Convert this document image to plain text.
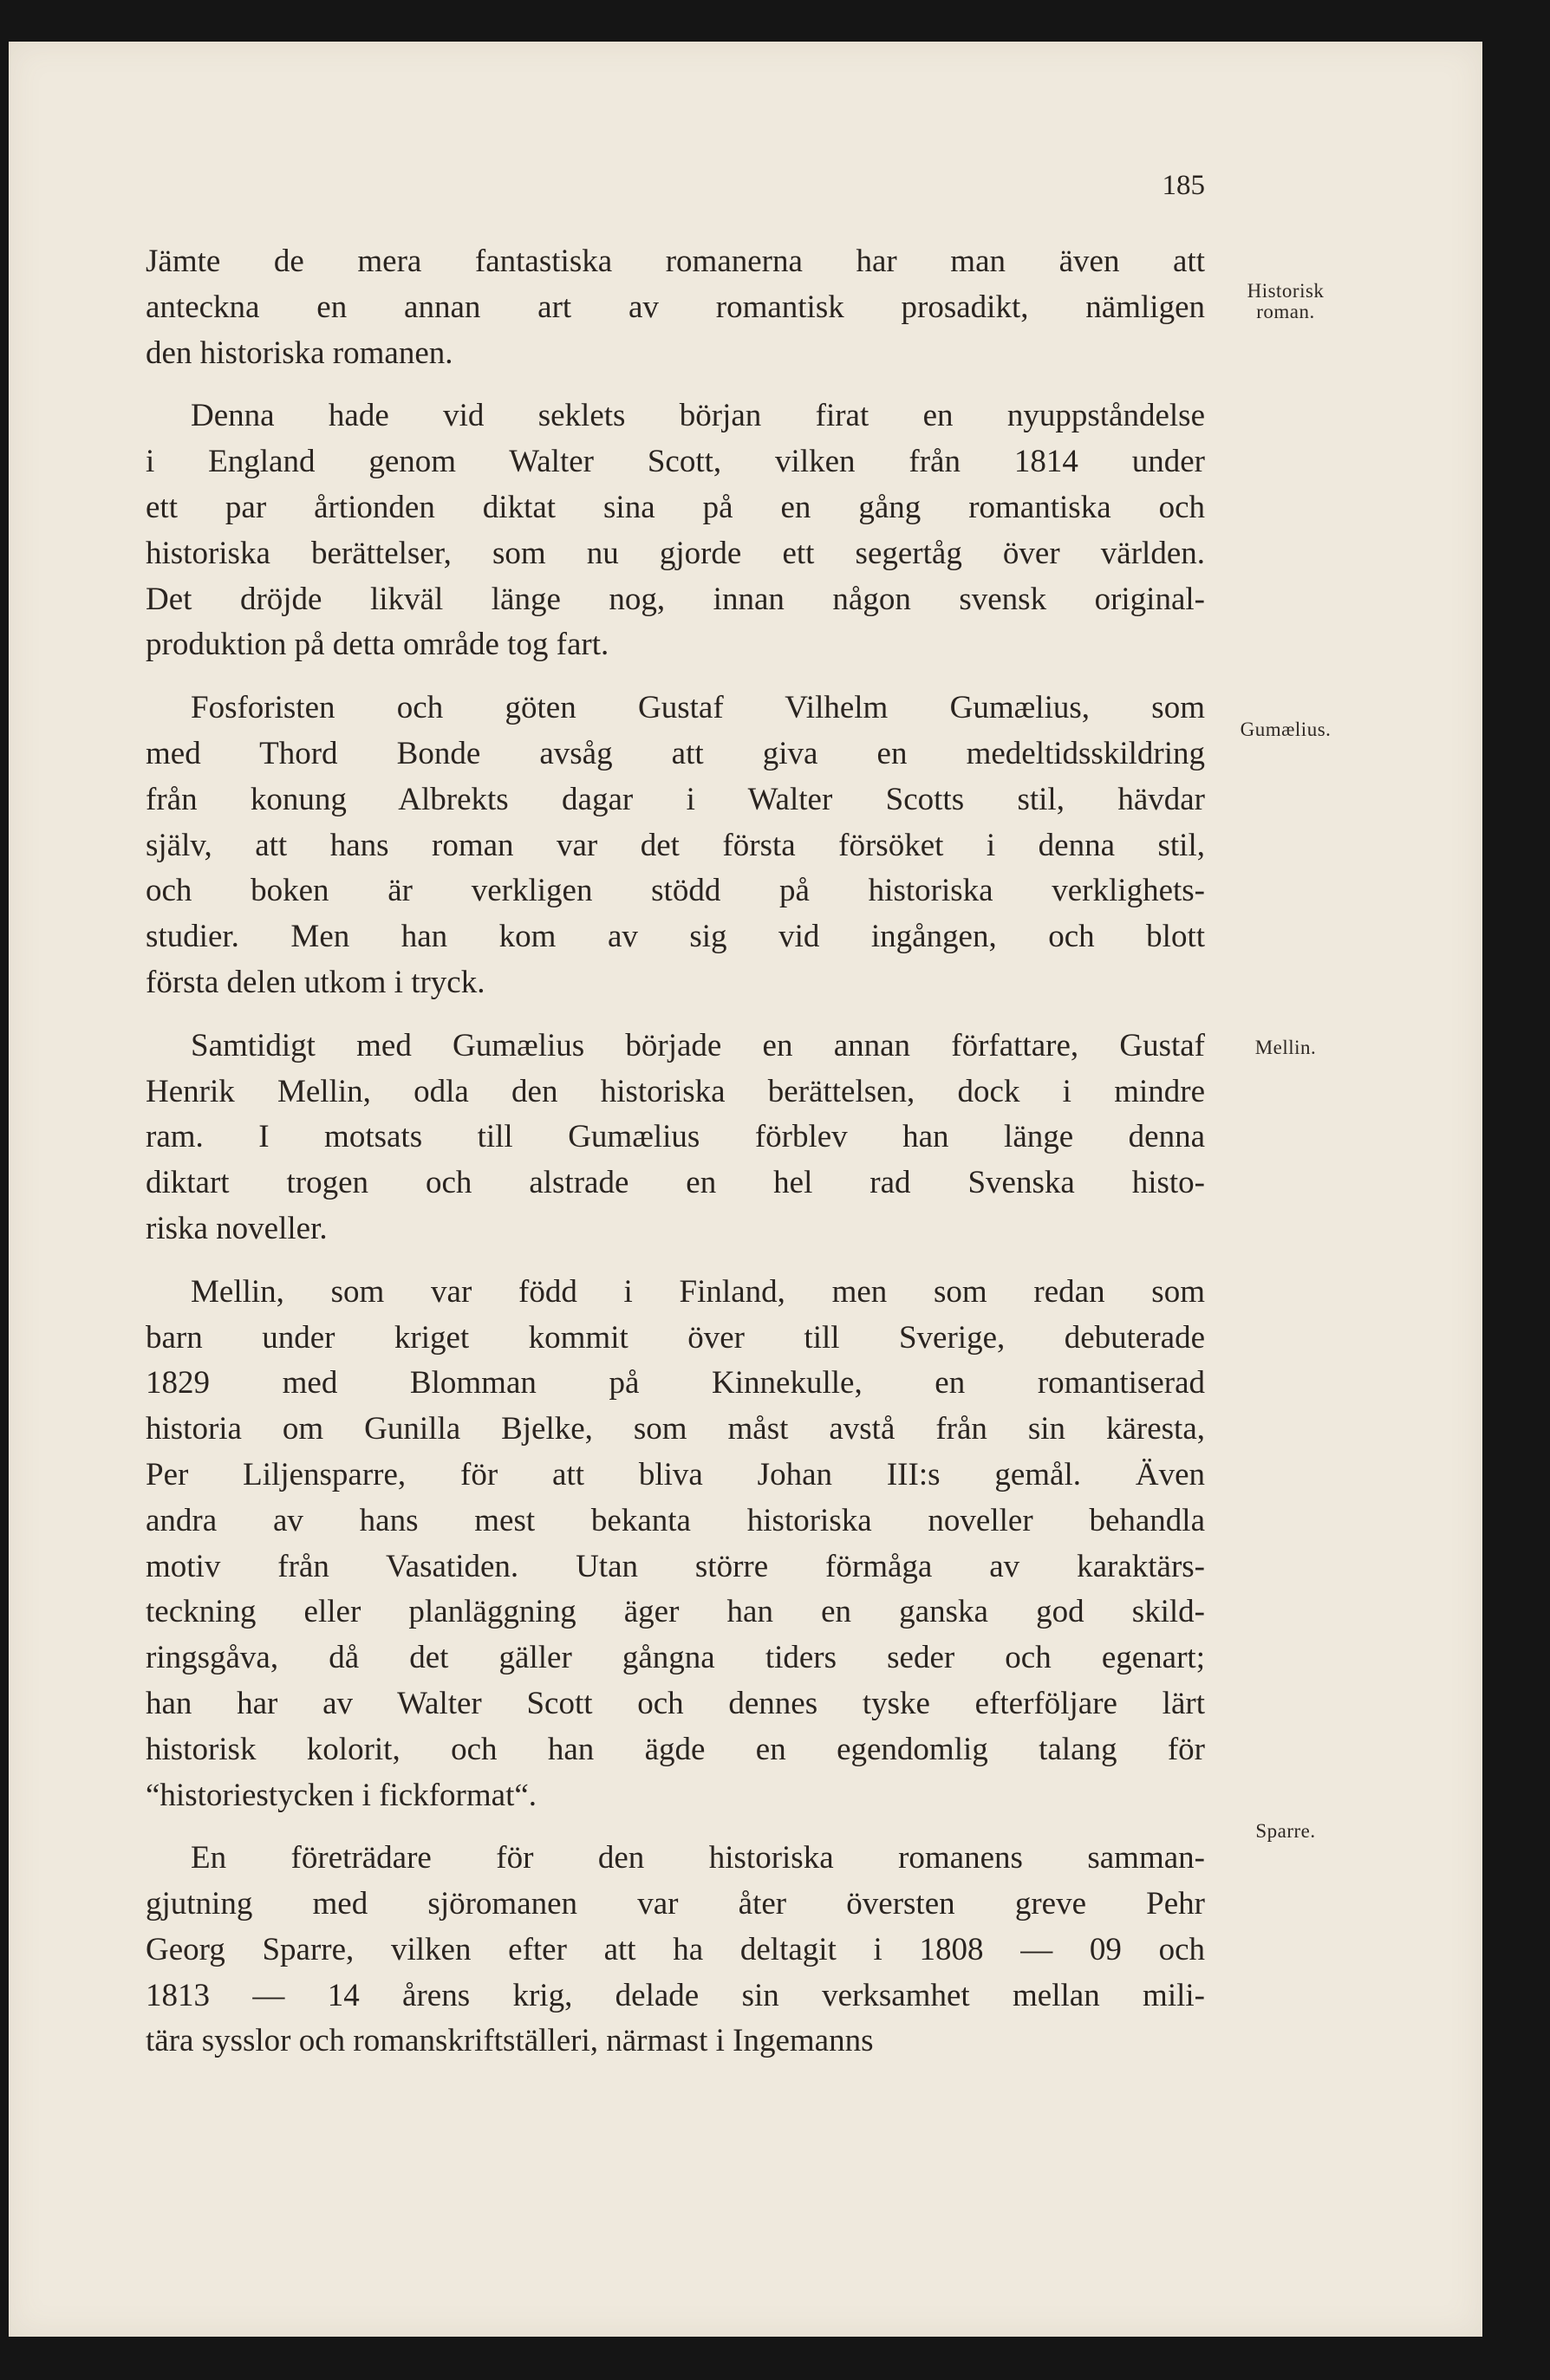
185
Historisk
roman.
Gumælius.
Mellin.
Sparre.
Jämte de mera fantastiska romanerna har man även att
anteckna en annan art av romantisk prosadikt, nämligen
den historiska romanen.
Denna hade vid seklets början firat en nyuppståndelse
i England genom Walter Scott, vilken från 1814 under
ett par årtionden diktat sina på en gång romantiska och
historiska berättelser, som nu gjorde ett segertåg över världen.
Det dröjde likväl länge nog, innan någon svensk original-
produktion på detta område tog fart.
Fosforisten och göten Gustaf Vilhelm Gumælius, som
med Thord Bonde avsåg att giva en medeltidsskildring
från konung Albrekts dagar i Walter Scotts stil, hävdar
själv, att hans roman var det första försöket i denna stil,
och boken är verkligen stödd på historiska verklighets-
studier. Men han kom av sig vid ingången, och blott
första delen utkom i tryck.
Samtidigt med Gumælius började en annan författare, Gustaf
Henrik Mellin, odla den historiska berättelsen, dock i mindre
ram. I motsats till Gumælius förblev han länge denna
diktart trogen och alstrade en hel rad Svenska histo-
riska noveller.
Mellin, som var född i Finland, men som redan som
barn under kriget kommit över till Sverige, debuterade
1829 med Blomman på Kinnekulle, en romantiserad
historia om Gunilla Bjelke, som måst avstå från sin käresta,
Per Liljensparre, för att bliva Johan III:s gemål. Även
andra av hans mest bekanta historiska noveller behandla
motiv från Vasatiden. Utan större förmåga av karaktärs-
teckning eller planläggning äger han en ganska god skild-
ringsgåva, då det gäller gångna tiders seder och egenart;
han har av Walter Scott och dennes tyske efterföljare lärt
historisk kolorit, och han ägde en egendomlig talang för
“historiestycken i fickformat“.
En företrädare för den historiska romanens samman-
gjutning med sjöromanen var åter översten greve Pehr
Georg Sparre, vilken efter att ha deltagit i 1808 — 09 och
1813 — 14 årens krig, delade sin verksamhet mellan mili-
tära sysslor och romanskriftställeri, närmast i Ingemanns
